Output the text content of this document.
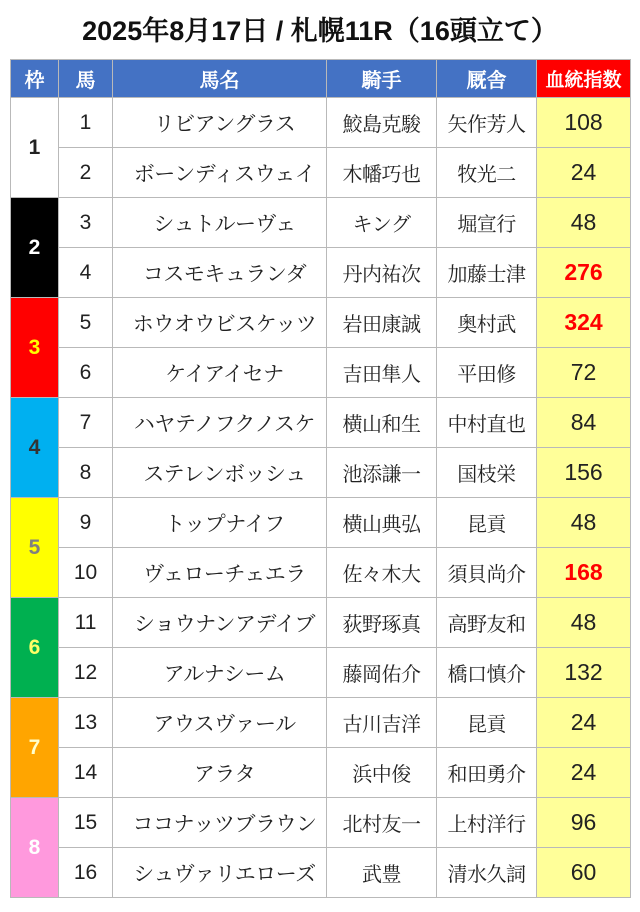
2025年8月17日 / 札幌11R（16頭立て）
枠	馬	馬名	騎手	厩舎	血統指数
1	1	リビアングラス	鮫島克駿	矢作芳人	108
	2	ボーンディスウェイ	木幡巧也	牧光二	24
2	3	シュトルーヴェ	キング	堀宣行	48
	4	コスモキュランダ	丹内祐次	加藤士津	276
3	5	ホウオウビスケッツ	岩田康誠	奥村武	324
	6	ケイアイセナ	吉田隼人	平田修	72
4	7	ハヤテノフクノスケ	横山和生	中村直也	84
	8	ステレンボッシュ	池添謙一	国枝栄	156
5	9	トップナイフ	横山典弘	昆貢	48
	10	ヴェローチェエラ	佐々木大	須貝尚介	168
6	11	ショウナンアデイブ	荻野琢真	高野友和	48
	12	アルナシーム	藤岡佑介	橋口慎介	132
7	13	アウスヴァール	古川吉洋	昆貢	24
	14	アラタ	浜中俊	和田勇介	24
8	15	ココナッツブラウン	北村友一	上村洋行	96
	16	シュヴァリエローズ	武豊	清水久詞	60
